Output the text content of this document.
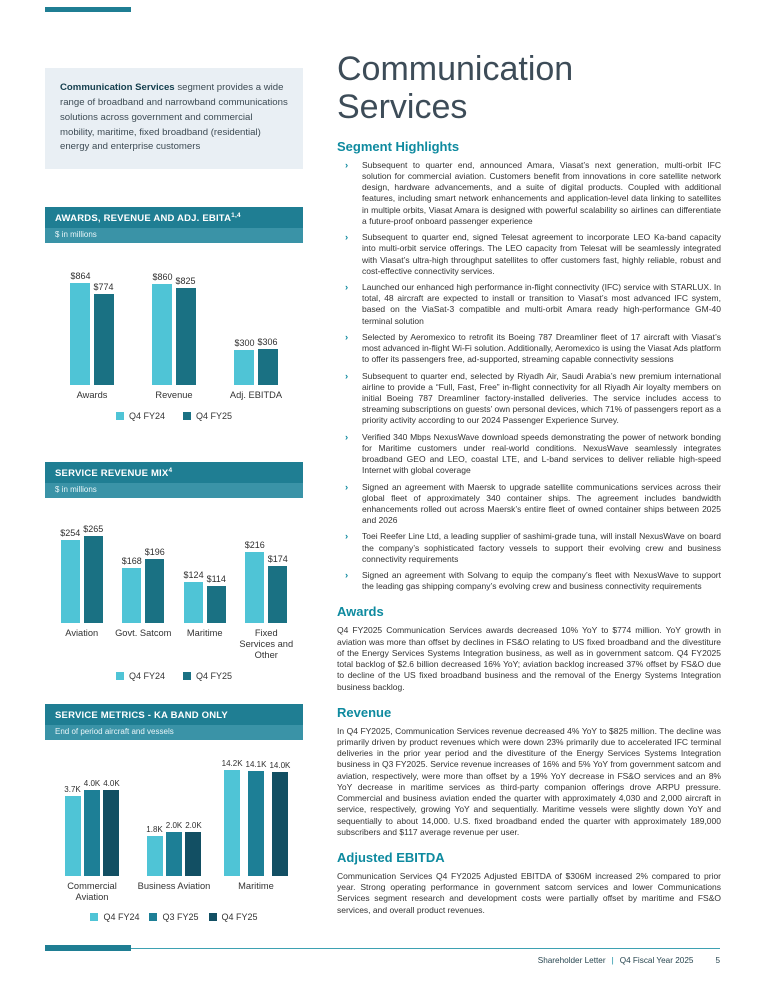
Communication Services segment provides a wide range of broadband and narrowband communications solutions across government and commercial mobility, maritime, fixed broadband (residential) energy and enterprise customers

AWARDS, REVENUE AND ADJ. EBITA$^{1,4}$
$ in millions
$864
$774
$860 $825
$300 $306
Awards	Revenue	Adj. EBITDA
Q4 FY24	Q4 FY25
SERVICE REVENUE MIX$^4$
$ in millions
$254 $265
$168
$196
$124 $114
$216
$174
Aviation	Govt. Satcom	Maritime	Fixed Services and Other
Q4 FY24	Q4 FY25
SERVICE METRICS - KA BAND ONLY
End of period aircraft and vessels
3.7K
4.0K 4.0K
1.8K 2.0K 2.0K
14.2K 14.1K 14.0K
Commercial Aviation
Business Aviation	Maritime
Q4 FY24	Q3 FY25	Q4 FY25
Communication
Services
Segment Highlights

› Subsequent to quarter end, announced Amara, Viasat’s next generation, multi-orbit IFC solution for commercial aviation. Customers benefit from innovations in core satellite network design, hardware advancements, and a suite of digital products. Coupled with additional features, including smart network enhancements and application-level data linking to satellites in multiple orbits, Viasat Amara is designed with powerful scalability so airlines can differentiate a future-proof onboard passenger experience

› Subsequent to quarter end, signed Telesat agreement to incorporate LEO Ka-band capacity into multi-orbit service offerings. The LEO capacity from Telesat will be seamlessly integrated with Viasat’s ultra-high throughput satellites to offer customers fast, highly reliable, robust and cost-effective connectivity services.

› Launched our enhanced high performance in-flight connectivity (IFC) service with STARLUX. In total, 48 aircraft are expected to install or transition to Viasat’s most advanced IFC system, based on the ViaSat-3 compatible and multi-orbit Amara ready high-performance GM-40 terminal solution

› Selected by Aeromexico to retrofit its Boeing 787 Dreamliner fleet of 17 aircraft with Viasat’s most advanced in-flight Wi-Fi solution. Additionally, Aeromexico is using the Viasat Ads platform to offer its passengers free, ad-supported, streaming capable connectivity sessions

› Subsequent to quarter end, selected by Riyadh Air, Saudi Arabia’s new premium international airline to provide a “Full, Fast, Free” in-flight connectivity for all Riyadh Air loyalty members on initial Boeing 787 Dreamliner factory-installed deliveries. The service includes access to streaming subscriptions on guests’ own personal devices, which 71% of passengers report as a priority activity according to our 2024 Passenger Experience Survey.

› Verified 340 Mbps NexusWave download speeds demonstrating the power of network bonding for Maritime customers under real-world conditions. NexusWave seamlessly integrates broadband GEO and LEO, coastal LTE, and L-band services to deliver reliable high-speed Internet with global coverage

› Signed an agreement with Maersk to upgrade satellite communications services across their global fleet of approximately 340 container ships. The agreement includes bandwidth enhancements rolled out across Maersk’s entire fleet of owned container ships between 2025 and 2026

› Toei Reefer Line Ltd, a leading supplier of sashimi-grade tuna, will install NexusWave on board the company’s sophisticated factory vessels to support their evolving crew and business connectivity requirements

› Signed an agreement with Solvang to equip the company’s fleet with NexusWave to support the leading gas shipping company’s evolving crew and business connectivity requirements

Awards

Q4 FY2025 Communication Services awards decreased 10% YoY to $774 million. YoY growth in aviation was more than offset by declines in FS&O relating to US fixed broadband and the divestiture of the Energy Services Systems Integration business, as well as in government satcom. Q4 FY2025 total backlog of $2.6 billion decreased 16% YoY; aviation backlog increased 37% offset by FS&O due to decline of the US fixed broadband business and the removal of the Energy Systems Integration business backlog.

Revenue

In Q4 FY2025, Communication Services revenue decreased 4% YoY to $825 million. The decline was primarily driven by product revenues which were down 23% primarily due to accelerated IFC terminal deliveries in the prior year period and the divestiture of the Energy Services Systems Integration business in Q3 FY2025. Service revenue increases of 16% and 5% YoY from government satcom and aviation, respectively, were more than offset by a 19% YoY decrease in FS&O services and an 8% YoY decrease in maritime services as third-party companion offerings drove ARPU pressure. Commercial and business aviation ended the quarter with approximately 4,030 and 2,000 aircraft in service, respectively, growing YoY and sequentially. Maritime vessels were slightly down YoY and sequentially to about 14,000. U.S. fixed broadband ended the quarter with approximately 189,000 subscribers and $117 average revenue per user.

Adjusted EBITDA

Communication Services Q4 FY2025 Adjusted EBITDA of $306M increased 2% compared to prior year. Strong operating performance in government satcom services and lower Communications Services segment research and development costs were partially offset by maritime and FS&O services, and overall product revenues.

Shareholder Letter | Q4 Fiscal Year 2025	5
